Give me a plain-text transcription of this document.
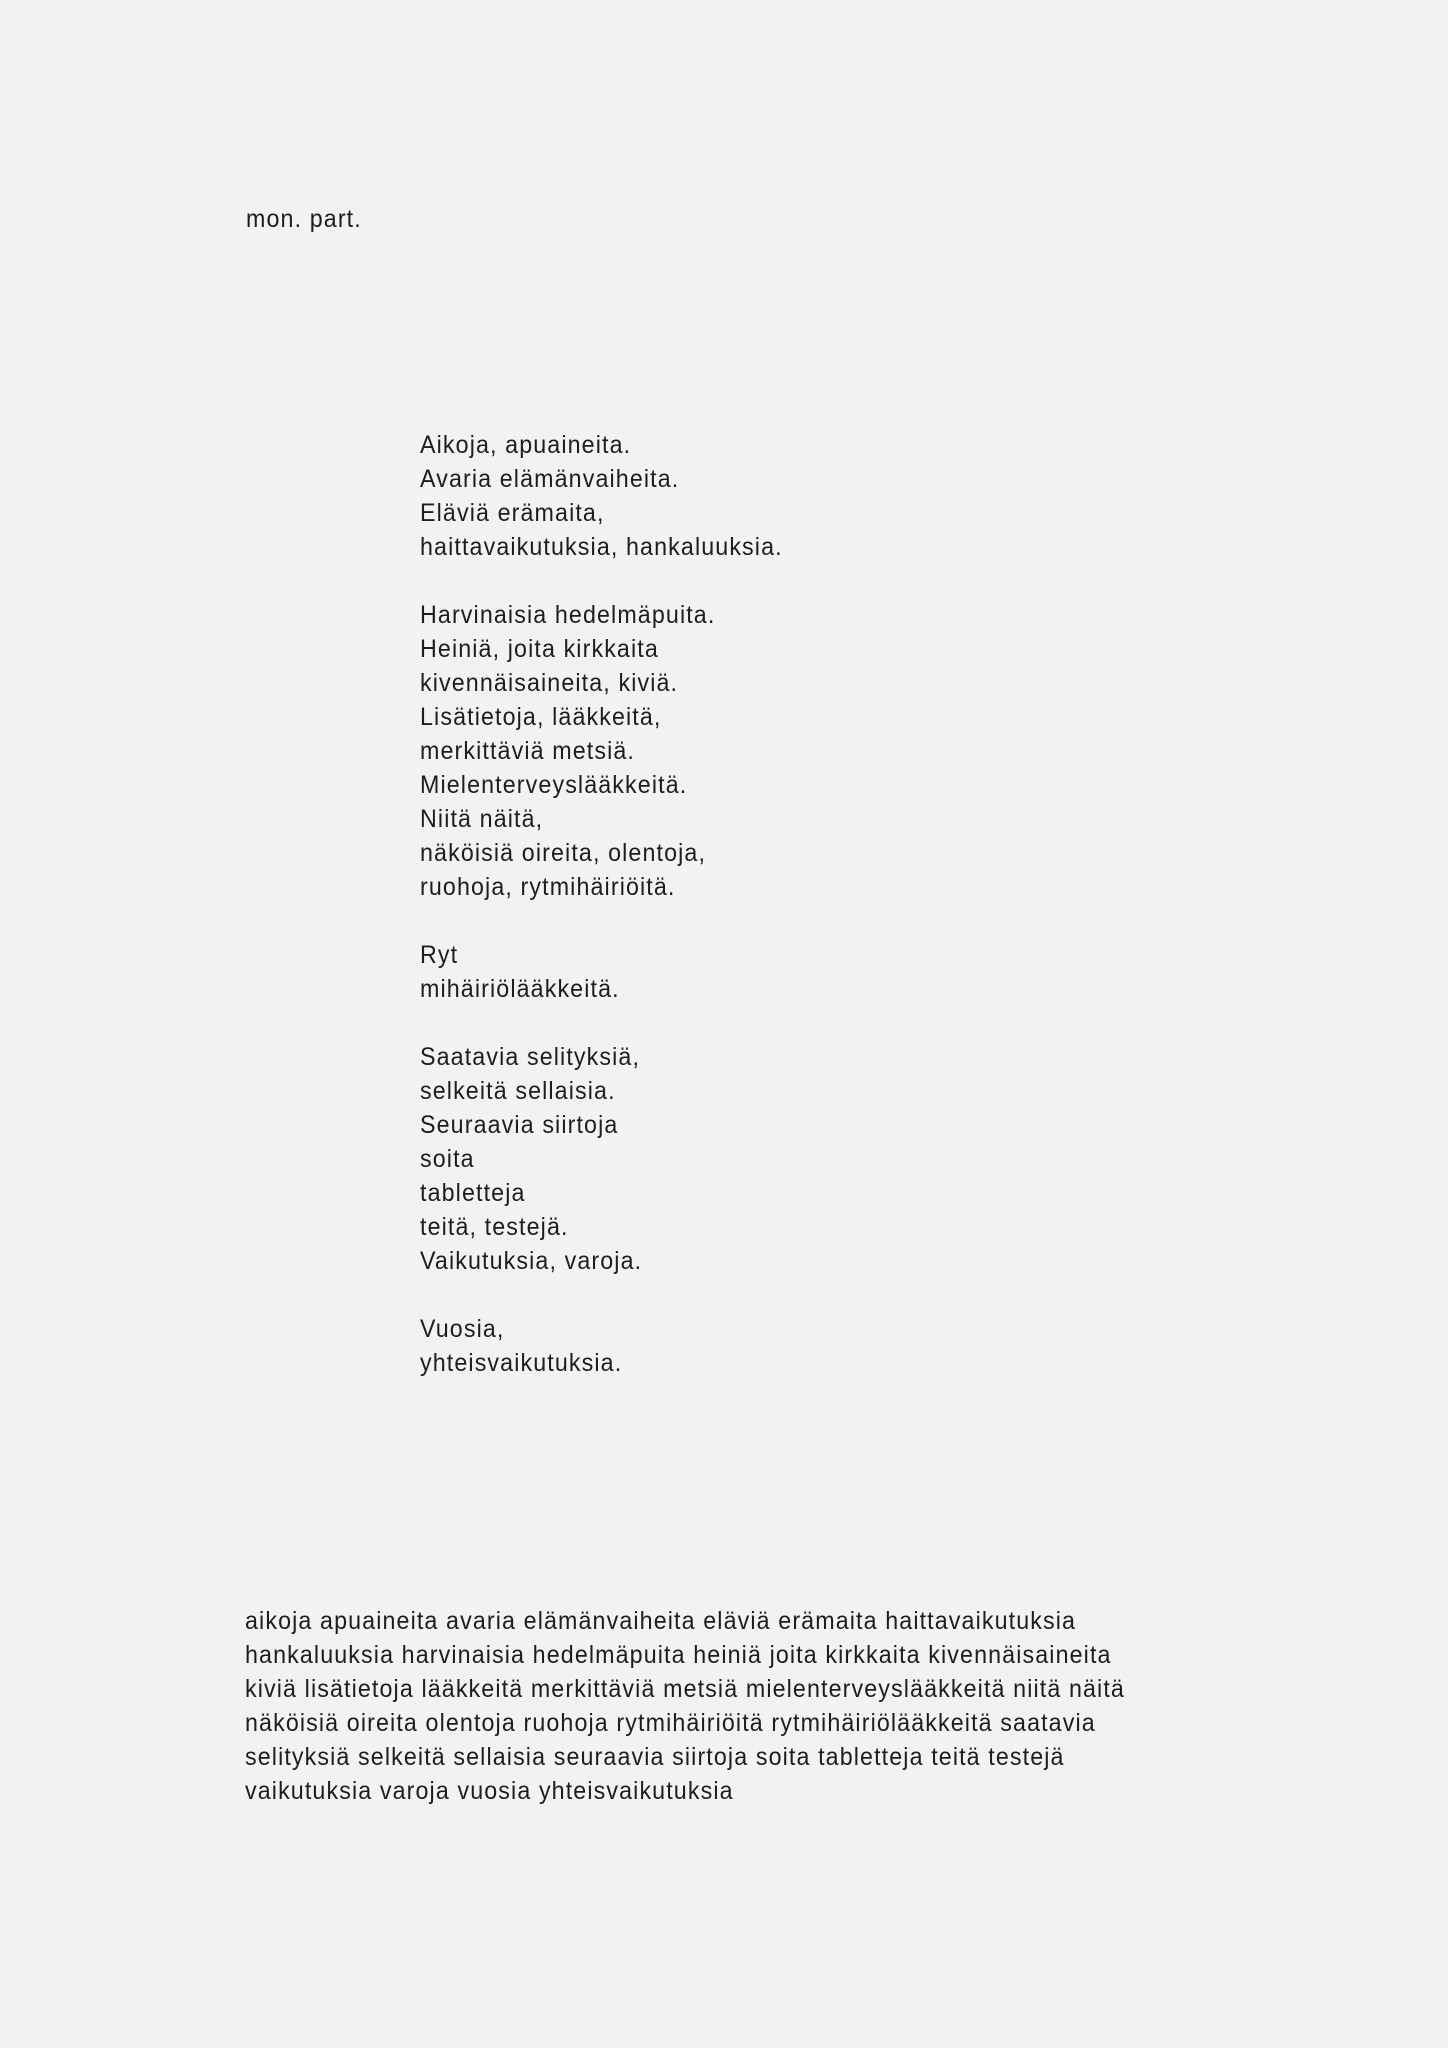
mon. part.
Aikoja, apuaineita.
Avaria elämänvaiheita.
Eläviä erämaita,
haittavaikutuksia, hankaluuksia.
Harvinaisia hedelmäpuita.
Heiniä, joita kirkkaita
kivennäisaineita, kiviä.
Lisätietoja, lääkkeitä,
merkittäviä metsiä.
Mielenterveyslääkkeitä.
Niitä näitä,
näköisiä oireita, olentoja,
ruohoja, rytmihäiriöitä.
Ryt
mihäiriölääkkeitä.
Saatavia selityksiä,
selkeitä sellaisia.
Seuraavia siirtoja
soita
tabletteja
teitä, testejä.
Vaikutuksia, varoja.
Vuosia,
yhteisvaikutuksia.
aikoja apuaineita avaria elämänvaiheita eläviä erämaita haittavaikutuksia
hankaluuksia harvinaisia hedelmäpuita heiniä joita kirkkaita kivennäisaineita
kiviä lisätietoja lääkkeitä merkittäviä metsiä mielenterveyslääkkeitä niitä näitä
näköisiä oireita olentoja ruohoja rytmihäiriöitä rytmihäiriölääkkeitä saatavia
selityksiä selkeitä sellaisia seuraavia siirtoja soita tabletteja teitä testejä
vaikutuksia varoja vuosia yhteisvaikutuksia
